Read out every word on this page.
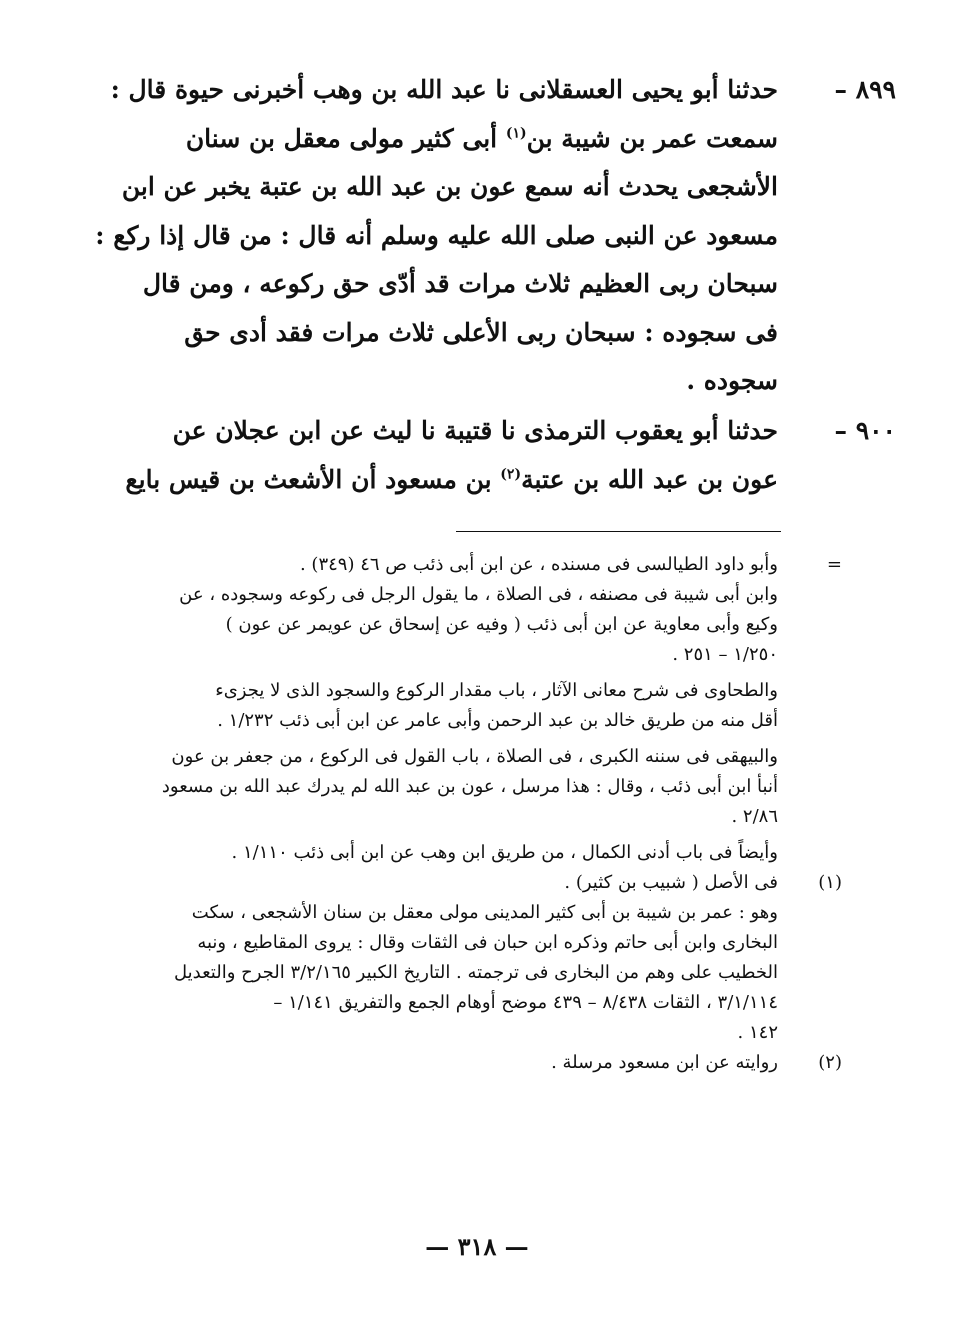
٨٩٩ –
حدثنا أبو يحيى العسقلانى نا عبد الله بن وهب أخبرنى حيوة قال :
سمعت عمر بن شيبة بن$^{(١)}$ أبى كثير مولى معقل بن سنان
الأشجعى يحدث أنه سمع عون بن عبد الله بن عتبة يخبر عن ابن
مسعود عن النبى صلى الله عليه وسلم أنه قال : من قال إذا ركع :
سبحان ربى العظيم ثلاث مرات قد أدّى حق ركوعه ، ومن قال
فى سجوده : سبحان ربى الأعلى ثلاث مرات فقد أدى حق
سجوده .
٩٠٠ –
حدثنا أبو يعقوب الترمذى نا قتيبة نا ليث عن ابن عجلان عن
عون بن عبد الله بن عتبة$^{(٢)}$ بن مسعود أن الأشعث بن قيس بايع
=
وأبو داود الطيالسى فى مسنده ، عن ابن أبى ذئب ص ٤٦ (٣٤٩) .
وابن أبى شيبة فى مصنفه ، فى الصلاة ، ما يقول الرجل فى ركوعه وسجوده ، عن
وكيع وأبى معاوية عن ابن أبى ذئب ( وفيه عن إسحاق عن عويمر عن عون )
١/٢٥٠ – ٢٥١ .
والطحاوى فى شرح معانى الآثار ، باب مقدار الركوع والسجود الذى لا يجزىء
أقل منه من طريق خالد بن عبد الرحمن وأبى عامر عن ابن أبى ذئب ١/٢٣٢ .
والبيهقى فى سننه الكبرى ، فى الصلاة ، باب القول فى الركوع ، من جعفر بن عون
أنبأ ابن أبى ذئب ، وقال : هذا مرسل ، عون بن عبد الله لم يدرك عبد الله بن مسعود
٢/٨٦ .
وأيضاً فى باب أدنى الكمال ، من طريق ابن وهب عن ابن أبى ذئب ١/١١٠ .
(١)
فى الأصل ( شبيب بن كثير) .
وهو : عمر بن شيبة بن أبى كثير المدينى مولى معقل بن سنان الأشجعى ، سكت
البخارى وابن أبى حاتم وذكره ابن حبان فى الثقات وقال : يروى المقاطيع ، ونبه
الخطيب على وهم من البخارى فى ترجمته . التاريخ الكبير ٣/٢/١٦٥ الجرح والتعديل
٣/١/١١٤ ، الثقات ٨/٤٣٨ – ٤٣٩ موضح أوهام الجمع والتفريق ١/١٤١ –
١٤٢ .
(٢)
روايته عن ابن مسعود مرسلة .
— ٣١٨ —
